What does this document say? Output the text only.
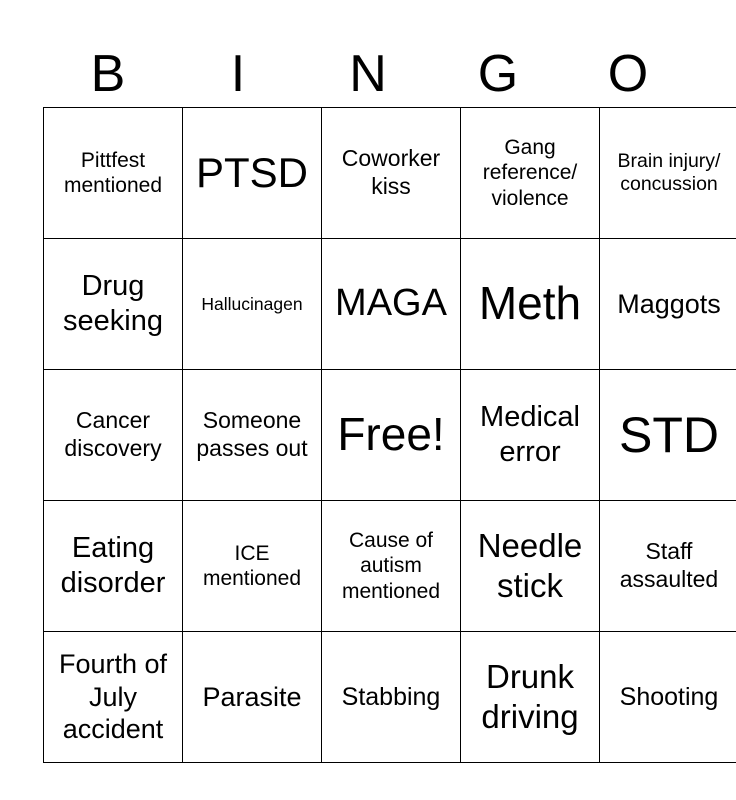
B	I	N	G	O
Pittfest mentioned	PTSD	Coworker kiss	Gang reference/ violence	Brain injury/ concussion

Drug seeking	Hallucinagen	MAGA	Meth	Maggots

Cancer discovery	Someone passes out	Free!	Medical error	STD

Eating disorder	ICE mentioned	Cause of autism mentioned	Needle stick	Staff assaulted

Fourth of July accident	Parasite	Stabbing	Drunk driving	Shooting
